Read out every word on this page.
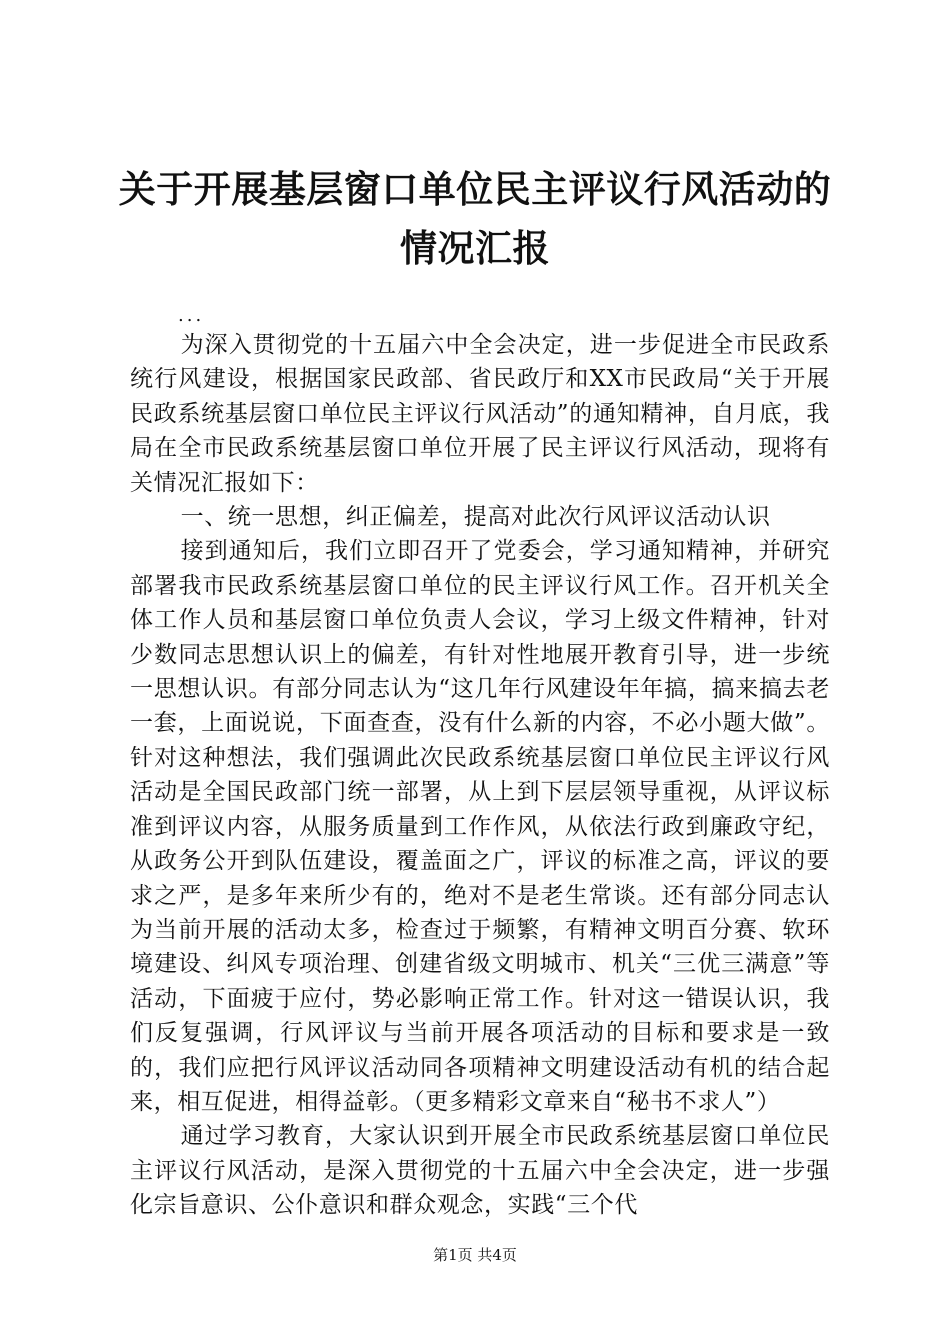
关于开展基层窗口单位民主评议行风活动的情况汇报
...

为深入贯彻党的十五届六中全会决定，进一步促进全市民政系统行风建设，根据国家民政部、省民政厅和XX市民政局“关于开展民政系统基层窗口单位民主评议行风活动”的通知精神，自月底，我局在全市民政系统基层窗口单位开展了民主评议行风活动，现将有关情况汇报如下：

一、统一思想，纠正偏差，提高对此次行风评议活动认识

接到通知后，我们立即召开了党委会，学习通知精神，并研究部署我市民政系统基层窗口单位的民主评议行风工作。召开机关全体工作人员和基层窗口单位负责人会议，学习上级文件精神，针对少数同志思想认识上的偏差，有针对性地展开教育引导，进一步统一思想认识。有部分同志认为“这几年行风建设年年搞，搞来搞去老一套，上面说说，下面查查，没有什么新的内容，不必小题大做”。针对这种想法，我们强调此次民政系统基层窗口单位民主评议行风活动是全国民政部门统一部署，从上到下层层领导重视，从评议标准到评议内容，从服务质量到工作作风，从依法行政到廉政守纪，从政务公开到队伍建设，覆盖面之广，评议的标准之高，评议的要求之严，是多年来所少有的，绝对不是老生常谈。还有部分同志认为当前开展的活动太多，检查过于频繁，有精神文明百分赛、软环境建设、纠风专项治理、创建省级文明城市、机关“三优三满意”等活动，下面疲于应付，势必影响正常工作。针对这一错误认识，我们反复强调，行风评议与当前开展各项活动的目标和要求是一致的，我们应把行风评议活动同各项精神文明建设活动有机的结合起来，相互促进，相得益彰。（更多精彩文章来自“秘书不求人”）

通过学习教育，大家认识到开展全市民政系统基层窗口单位民主评议行风活动，是深入贯彻党的十五届六中全会决定，进一步强化宗旨意识、公仆意识和群众观念，实践“三个代

第1页 共4页
